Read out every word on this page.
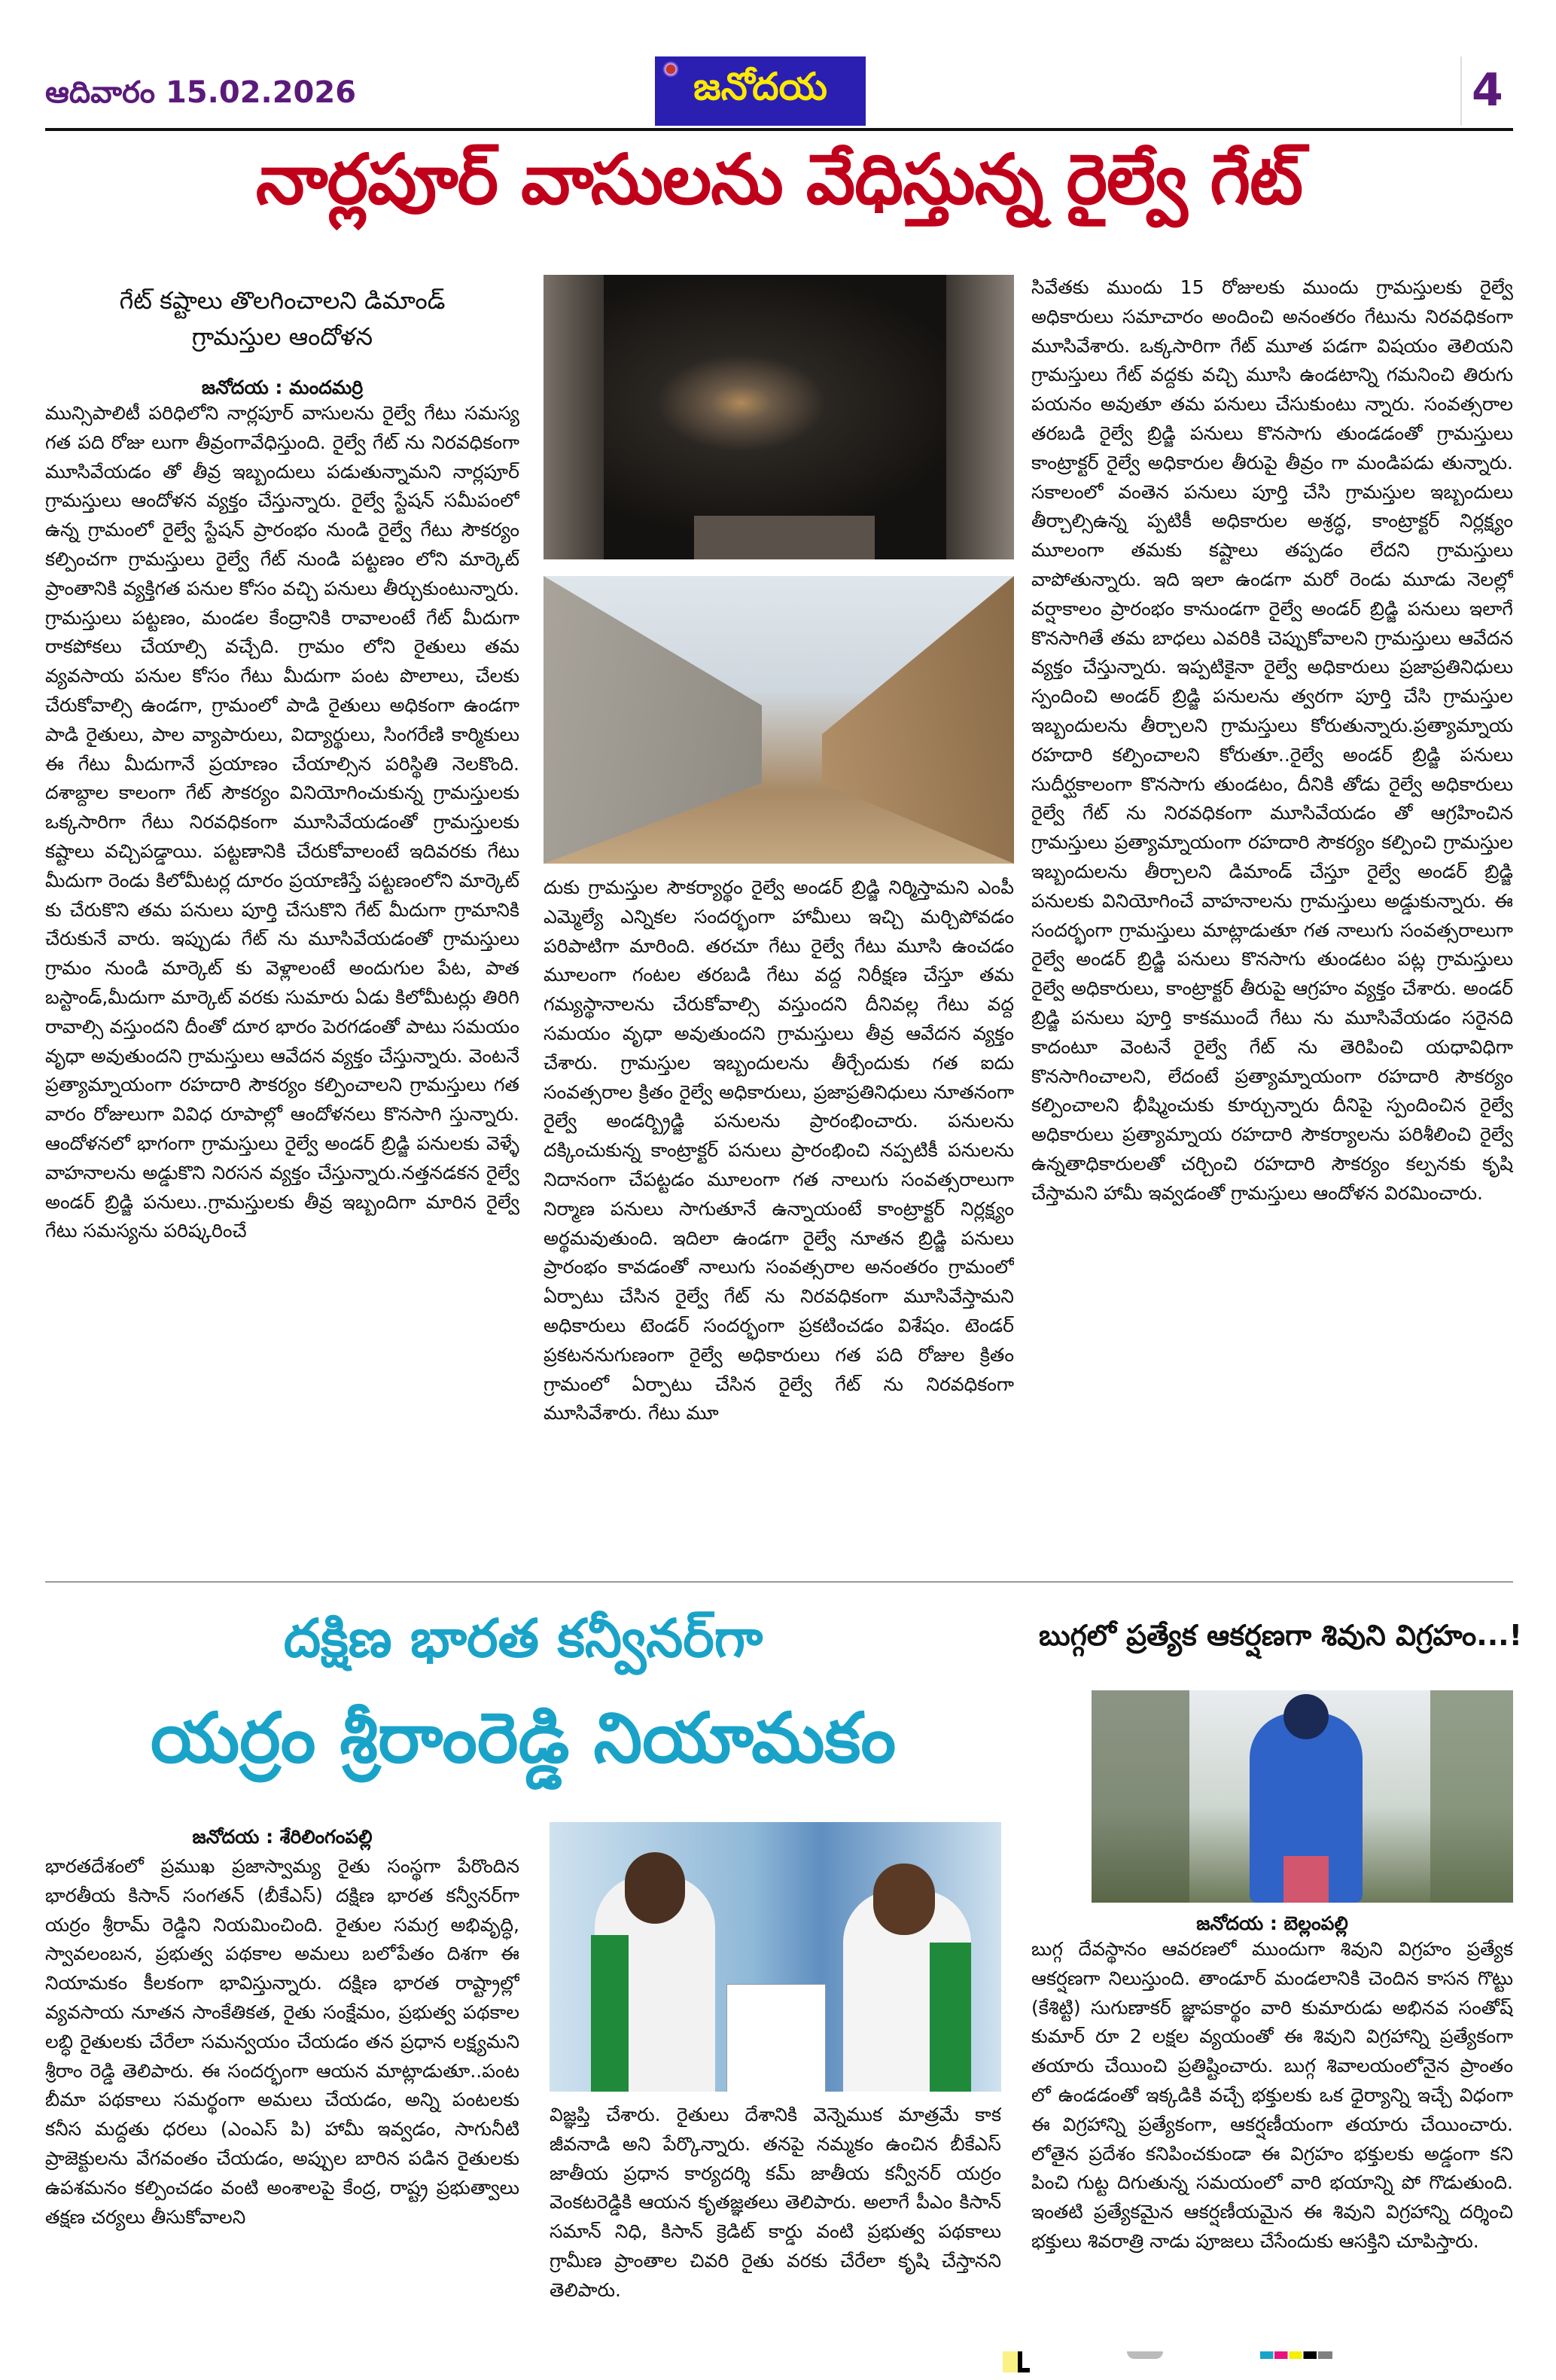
ఆదివారం 15.02.2026	జనోదయ	4
నార్లపూర్ వాసులను వేధిస్తున్న రైల్వే గేట్
గేట్ కష్టాలు తొలగించాలని డిమాండ్
గ్రామస్తుల ఆందోళన
జనోదయ : మందమర్రి
మున్సిపాలిటీ పరిధిలోని నార్లపూర్ వాసులను రైల్వే గేటు సమస్య గత పది రోజు లుగా తీవ్రంగావేధిస్తుంది. రైల్వే గేట్ ను నిరవధికంగా మూసివేయడం తో తీవ్ర ఇబ్బందులు పడుతున్నామని నార్లపూర్ గ్రామస్తులు ఆందోళన వ్యక్తం చేస్తున్నారు. రైల్వే స్టేషన్ సమీపంలో ఉన్న గ్రామంలో రైల్వే స్టేషన్ ప్రారంభం నుండి రైల్వే గేటు సౌకర్యం కల్పించగా గ్రామస్తులు రైల్వే గేట్ నుండి పట్టణం లోని మార్కెట్ ప్రాంతానికి వ్యక్తిగత పనుల కోసం వచ్చి పనులు తీర్చుకుంటున్నారు. గ్రామస్తులు పట్టణం, మండల కేంద్రానికి రావాలంటే గేట్ మీదుగా రాకపోకలు చేయాల్సి వచ్చేది. గ్రామం లోని రైతులు తమ వ్యవసాయ పనుల కోసం గేటు మీదుగా పంట పొలాలు, చేలకు చేరుకోవాల్సి ఉండగా, గ్రామంలో పాడి రైతులు అధికంగా ఉండగా పాడి రైతులు, పాల వ్యాపారులు, విద్యార్థులు, సింగరేణి కార్మికులు ఈ గేటు మీదుగానే ప్రయాణం చేయాల్సిన పరిస్థితి నెలకొంది. దశాబ్దాల కాలంగా గేట్ సౌకర్యం వినియోగించుకున్న గ్రామస్తులకు ఒక్కసారిగా గేటు నిరవధికంగా మూసివేయడంతో గ్రామస్తులకు కష్టాలు వచ్చిపడ్డాయి. పట్టణానికి చేరుకోవాలంటే ఇదివరకు గేటు మీదుగా రెండు కిలోమీటర్ల దూరం ప్రయాణిస్తే పట్టణంలోని మార్కెట్ కు చేరుకొని తమ పనులు పూర్తి చేసుకొని గేట్ మీదుగా గ్రామానికి చేరుకునే వారు. ఇప్పుడు గేట్ ను మూసివేయడంతో గ్రామస్తులు గ్రామం నుండి మార్కెట్ కు వెళ్లాలంటే అందుగుల పేట, పాత బస్టాండ్,మీదుగా మార్కెట్ వరకు సుమారు ఏడు కిలోమీటర్లు తిరిగి రావాల్సి వస్తుందని దీంతో దూర భారం పెరగడంతో పాటు సమయం వృధా అవుతుందని గ్రామస్తులు ఆవేదన వ్యక్తం చేస్తున్నారు. వెంటనే ప్రత్యామ్నాయంగా రహదారి సౌకర్యం కల్పించాలని గ్రామస్తులు గత వారం రోజులుగా వివిధ రూపాల్లో ఆందోళనలు కొనసాగి స్తున్నారు. ఆందోళనలో భాగంగా గ్రామస్తులు రైల్వే అండర్ బ్రిడ్జి పనులకు వెళ్ళే వాహనాలను అడ్డుకొని నిరసన వ్యక్తం చేస్తున్నారు.నత్తనడకన రైల్వే అండర్ బ్రిడ్జి పనులు..గ్రామస్తులకు తీవ్ర ఇబ్బందిగా మారిన రైల్వే గేటు సమస్యను పరిష్కరించే
దుకు గ్రామస్తుల సౌకర్యార్థం రైల్వే అండర్ బ్రిడ్జి నిర్మిస్తామని ఎంపీ ఎమ్మెల్యే ఎన్నికల సందర్భంగా హామీలు ఇచ్చి మర్చిపోవడం పరిపాటిగా మారింది. తరచూ గేటు రైల్వే గేటు మూసి ఉంచడం మూలంగా గంటల తరబడి గేటు వద్ద నిరీక్షణ చేస్తూ తమ గమ్యస్థానాలను చేరుకోవాల్సి వస్తుందని దీనివల్ల గేటు వద్ద సమయం వృధా అవుతుందని గ్రామస్తులు తీవ్ర ఆవేదన వ్యక్తం చేశారు. గ్రామస్తుల ఇబ్బందులను తీర్చేందుకు గత ఐదు సంవత్సరాల క్రితం రైల్వే అధికారులు, ప్రజాప్రతినిధులు నూతనంగా రైల్వే అండర్బ్రిడ్జి పనులను ప్రారంభించారు. పనులను దక్కించుకున్న కాంట్రాక్టర్ పనులు ప్రారంభించి నప్పటికీ పనులను నిదానంగా చేపట్టడం మూలంగా గత నాలుగు సంవత్సరాలుగా నిర్మాణ పనులు సాగుతూనే ఉన్నాయంటే కాంట్రాక్టర్ నిర్లక్ష్యం అర్థమవుతుంది. ఇదిలా ఉండగా రైల్వే నూతన బ్రిడ్జి పనులు ప్రారంభం కావడంతో నాలుగు సంవత్సరాల అనంతరం గ్రామంలో ఏర్పాటు చేసిన రైల్వే గేట్ ను నిరవధికంగా మూసివేస్తామని అధికారులు టెండర్ సందర్భంగా ప్రకటించడం విశేషం. టెండర్ ప్రకటననుగుణంగా రైల్వే అధికారులు గత పది రోజుల క్రితం గ్రామంలో ఏర్పాటు చేసిన రైల్వే గేట్ ను నిరవధికంగా మూసివేశారు. గేటు మూ
సివేతకు ముందు 15 రోజులకు ముందు గ్రామస్తులకు రైల్వే అధికారులు సమాచారం అందించి అనంతరం గేటును నిరవధికంగా మూసివేశారు. ఒక్కసారిగా గేట్ మూత పడగా విషయం తెలియని గ్రామస్తులు గేట్ వద్దకు వచ్చి మూసి ఉండటాన్ని గమనించి తిరుగు పయనం అవుతూ తమ పనులు చేసుకుంటు న్నారు. సంవత్సరాల తరబడి రైల్వే బ్రిడ్జి పనులు కొనసాగు తుండడంతో గ్రామస్తులు కాంట్రాక్టర్ రైల్వే అధికారుల తీరుపై తీవ్రం గా మండిపడు తున్నారు. సకాలంలో వంతెన పనులు పూర్తి చేసి గ్రామస్తుల ఇబ్బందులు తీర్చాల్సిఉన్న ప్పటికీ అధికారుల అశ్రద్ధ, కాంట్రాక్టర్ నిర్లక్ష్యం మూలంగా తమకు కష్టాలు తప్పడం లేదని గ్రామస్తులు వాపోతున్నారు. ఇది ఇలా ఉండగా మరో రెండు మూడు నెలల్లో వర్షాకాలం ప్రారంభం కానుండగా రైల్వే అండర్ బ్రిడ్జి పనులు ఇలాగే కొనసాగితే తమ బాధలు ఎవరికి చెప్పుకోవాలని గ్రామస్తులు ఆవేదన వ్యక్తం చేస్తున్నారు. ఇప్పటికైనా రైల్వే అధికారులు ప్రజాప్రతినిధులు స్పందించి అండర్ బ్రిడ్జి పనులను త్వరగా పూర్తి చేసి గ్రామస్తుల ఇబ్బందులను తీర్చాలని గ్రామస్తులు కోరుతున్నారు.ప్రత్యామ్నాయ రహదారి కల్పించాలని కోరుతూ..రైల్వే అండర్ బ్రిడ్జి పనులు సుదీర్ఘకాలంగా కొనసాగు తుండటం, దీనికి తోడు రైల్వే అధికారులు రైల్వే గేట్ ను నిరవధికంగా మూసివేయడం తో ఆగ్రహించిన గ్రామస్తులు ప్రత్యామ్నాయంగా రహదారి సౌకర్యం కల్పించి గ్రామస్తుల ఇబ్బందులను తీర్చాలని డిమాండ్ చేస్తూ రైల్వే అండర్ బ్రిడ్జి పనులకు వినియోగించే వాహనాలను గ్రామస్తులు అడ్డుకున్నారు. ఈ సందర్భంగా గ్రామస్తులు మాట్లాడుతూ గత నాలుగు సంవత్సరాలుగా రైల్వే అండర్ బ్రిడ్జి పనులు కొనసాగు తుండటం పట్ల గ్రామస్తులు రైల్వే అధికారులు, కాంట్రాక్టర్ తీరుపై ఆగ్రహం వ్యక్తం చేశారు. అండర్ బ్రిడ్జి పనులు పూర్తి కాకముందే గేటు ను మూసివేయడం సరైనది కాదంటూ వెంటనే రైల్వే గేట్ ను తెరిపించి యధావిధిగా కొనసాగించాలని, లేదంటే ప్రత్యామ్నాయంగా రహదారి సౌకర్యం కల్పించాలని భీష్మించుకు కూర్చున్నారు దీనిపై స్పందించిన రైల్వే అధికారులు ప్రత్యామ్నాయ రహదారి సౌకర్యాలను పరిశీలించి రైల్వే ఉన్నతాధికారులతో చర్చించి రహదారి సౌకర్యం కల్పనకు కృషి చేస్తామని హామీ ఇవ్వడంతో గ్రామస్తులు ఆందోళన విరమించారు.
దక్షిణ భారత కన్వీనర్‌గా
యర్రం శ్రీరాంరెడ్డి నియామకం
జనోదయ : శేరిలింగంపల్లి
భారతదేశంలో ప్రముఖ ప్రజాస్వామ్య రైతు సంస్థగా పేరొందిన భారతీయ కిసాన్ సంగతన్ (బీకేఎస్) దక్షిణ భారత కన్వీనర్‌గా యర్రం శ్రీరామ్ రెడ్డిని నియమించింది. రైతుల సమగ్ర అభివృద్ధి, స్వావలంబన, ప్రభుత్వ పథకాల అమలు బలోపేతం దిశగా ఈ నియామకం కీలకంగా భావిస్తున్నారు. దక్షిణ భారత రాష్ట్రాల్లో వ్యవసాయ నూతన సాంకేతికత, రైతు సంక్షేమం, ప్రభుత్వ పథకాల లబ్ధి రైతులకు చేరేలా సమన్వయం చేయడం తన ప్రధాన లక్ష్యమని శ్రీరాం రెడ్డి తెలిపారు. ఈ సందర్భంగా ఆయన మాట్లాడుతూ..పంట బీమా పథకాలు సమర్థంగా అమలు చేయడం, అన్ని పంటలకు కనీస మద్దతు ధరలు (ఎంఎస్ పి) హామీ ఇవ్వడం, సాగునీటి ప్రాజెక్టులను వేగవంతం చేయడం, అప్పుల బారిన పడిన రైతులకు ఉపశమనం కల్పించడం వంటి అంశాలపై కేంద్ర, రాష్ట్ర ప్రభుత్వాలు తక్షణ చర్యలు తీసుకోవాలని
విజ్ఞప్తి చేశారు. రైతులు దేశానికి వెన్నెముక మాత్రమే కాక జీవనాడి అని పేర్కొన్నారు. తనపై నమ్మకం ఉంచిన బీకేఎస్ జాతీయ ప్రధాన కార్యదర్శి కమ్ జాతీయ కన్వీనర్ యర్రం వెంకటరెడ్డికి ఆయన కృతజ్ఞతలు తెలిపారు. అలాగే పీఎం కిసాన్ సమాన్ నిధి, కిసాన్ క్రెడిట్ కార్డు వంటి ప్రభుత్వ పథకాలు గ్రామీణ ప్రాంతాల చివరి రైతు వరకు చేరేలా కృషి చేస్తానని తెలిపారు.
బుగ్గలో ప్రత్యేక ఆకర్షణగా శివుని విగ్రహం...!
జనోదయ : బెల్లంపల్లి
బుగ్గ దేవస్థానం ఆవరణలో ముందుగా శివుని విగ్రహం ప్రత్యేక ఆకర్షణగా నిలుస్తుంది. తాండూర్ మండలానికి చెందిన కాసన గొట్టు (కేశిట్టి) సుగుణాకర్ జ్ఞాపకార్థం వారి కుమారుడు అభినవ సంతోష్ కుమార్ రూ 2 లక్షల వ్యయంతో ఈ శివుని విగ్రహాన్ని ప్రత్యేకంగా తయారు చేయించి ప్రతిష్టించారు. బుగ్గ శివాలయంలోనైన ప్రాంతం లో ఉండడంతో ఇక్కడికి వచ్చే భక్తులకు ఒక ధైర్యాన్ని ఇచ్చే విధంగా ఈ విగ్రహాన్ని ప్రత్యేకంగా, ఆకర్షణీయంగా తయారు చేయించారు. లోతైన ప్రదేశం కనిపించకుండా ఈ విగ్రహం భక్తులకు అడ్డంగా కని పించి గుట్ట దిగుతున్న సమయంలో వారి భయాన్ని పో గొడుతుంది. ఇంతటి ప్రత్యేకమైన ఆకర్షణీయమైన ఈ శివుని విగ్రహాన్ని దర్శించి భక్తులు శివరాత్రి నాడు పూజలు చేసేందుకు ఆసక్తిని చూపిస్తారు.
